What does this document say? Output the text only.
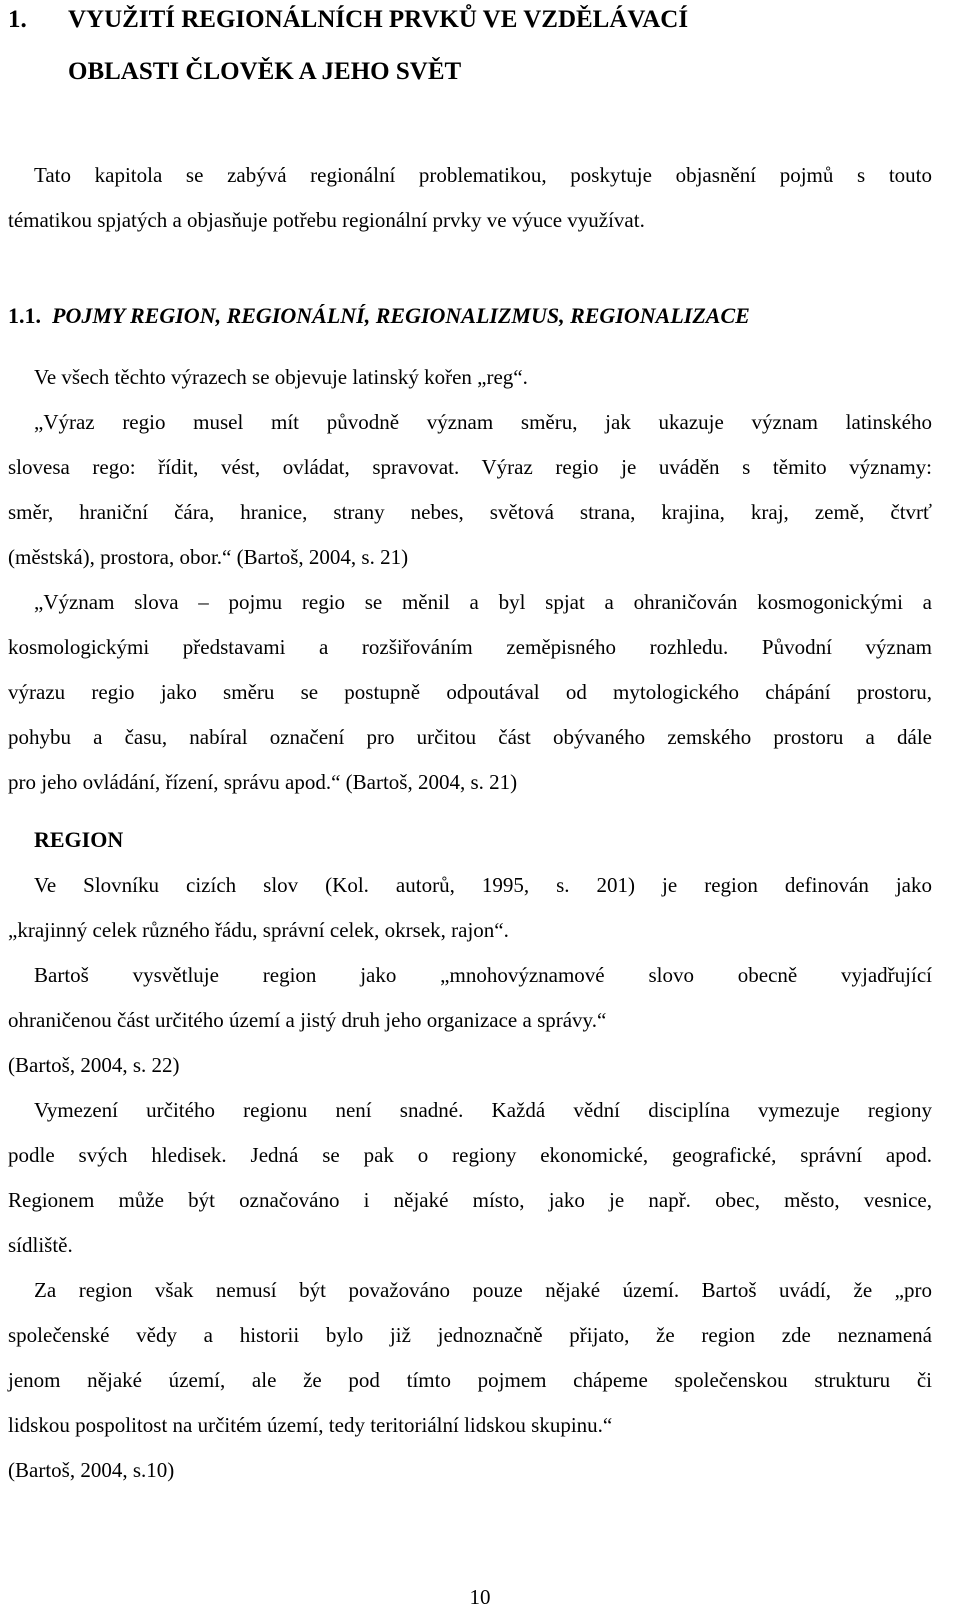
1. VYUŽITÍ REGIONÁLNÍCH PRVKŮ VE VZDĚLÁVACÍ
OBLASTI ČLOVĚK A JEHO SVĚT
Tato kapitola se zabývá regionální problematikou, poskytuje objasnění pojmů s touto
tématikou spjatých a objasňuje potřebu regionální prvky ve výuce využívat.
1.1. POJMY REGION, REGIONÁLNÍ, REGIONALIZMUS, REGIONALIZACE
Ve všech těchto výrazech se objevuje latinský kořen „reg“.
„Výraz regio musel mít původně význam směru, jak ukazuje význam latinského
slovesa rego: řídit, vést, ovládat, spravovat. Výraz regio je uváděn s těmito významy:
směr, hraniční čára, hranice, strany nebes, světová strana, krajina, kraj, země, čtvrť
(městská), prostora, obor.“ (Bartoš, 2004, s. 21)
„Význam slova – pojmu regio se měnil a byl spjat a ohraničován kosmogonickými a
kosmologickými představami a rozšiřováním zeměpisného rozhledu. Původní význam
výrazu regio jako směru se postupně odpoutával od mytologického chápání prostoru,
pohybu a času, nabíral označení pro určitou část obývaného zemského prostoru a dále
pro jeho ovládání, řízení, správu apod.“ (Bartoš, 2004, s. 21)
REGION
Ve Slovníku cizích slov (Kol. autorů, 1995, s. 201) je region definován jako
„krajinný celek různého řádu, správní celek, okrsek, rajon“.
Bartoš vysvětluje region jako „mnohovýznamové slovo obecně vyjadřující
ohraničenou část určitého území a jistý druh jeho organizace a správy.“
(Bartoš, 2004, s. 22)
Vymezení určitého regionu není snadné. Každá vědní disciplína vymezuje regiony
podle svých hledisek. Jedná se pak o regiony ekonomické, geografické, správní apod.
Regionem může být označováno i nějaké místo, jako je např. obec, město, vesnice,
sídliště.
Za region však nemusí být považováno pouze nějaké území. Bartoš uvádí, že „pro
společenské vědy a historii bylo již jednoznačně přijato, že region zde neznamená
jenom nějaké území, ale že pod tímto pojmem chápeme společenskou strukturu či
lidskou pospolitost na určitém území, tedy teritoriální lidskou skupinu.“
(Bartoš, 2004, s.10)
10
